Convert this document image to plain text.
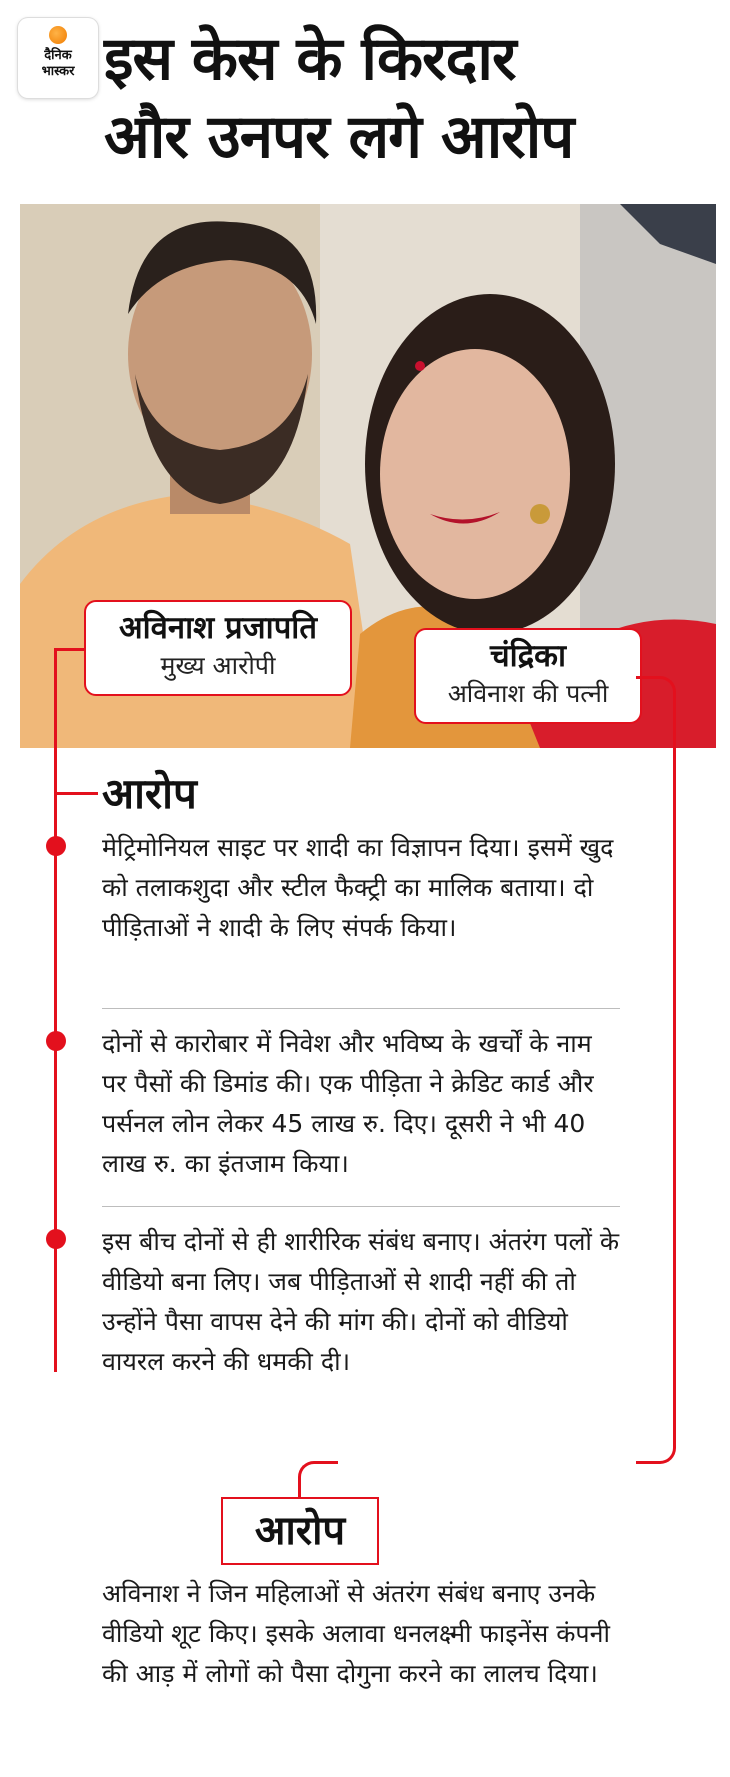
दैनिक
भास्कर इस केस के किरदार
और उनपर लगे आरोप
अविनाश प्रजापति
मुख्य आरोपी	चंद्रिका
अविनाश की पत्नी
आरोप
मेट्रिमोनियल साइट पर शादी का विज्ञापन दिया। इसमें खुद को तलाकशुदा और स्टील फैक्ट्री का मालिक बताया। दो पीड़िताओं ने शादी के लिए संपर्क किया।
दोनों से कारोबार में निवेश और भविष्य के खर्चों के नाम पर पैसों की डिमांड की। एक पीड़िता ने क्रेडिट कार्ड और पर्सनल लोन लेकर 45 लाख रु. दिए। दूसरी ने भी 40 लाख रु. का इंतजाम किया।
इस बीच दोनों से ही शारीरिक संबंध बनाए। अंतरंग पलों के वीडियो बना लिए। जब पीड़िताओं से शादी नहीं की तो उन्होंने पैसा वापस देने की मांग की। दोनों को वीडियो वायरल करने की धमकी दी।
आरोप
अविनाश ने जिन महिलाओं से अंतरंग संबंध बनाए उनके वीडियो शूट किए। इसके अलावा धनलक्ष्मी फाइनेंस कंपनी की आड़ में लोगों को पैसा दोगुना करने का लालच दिया।
